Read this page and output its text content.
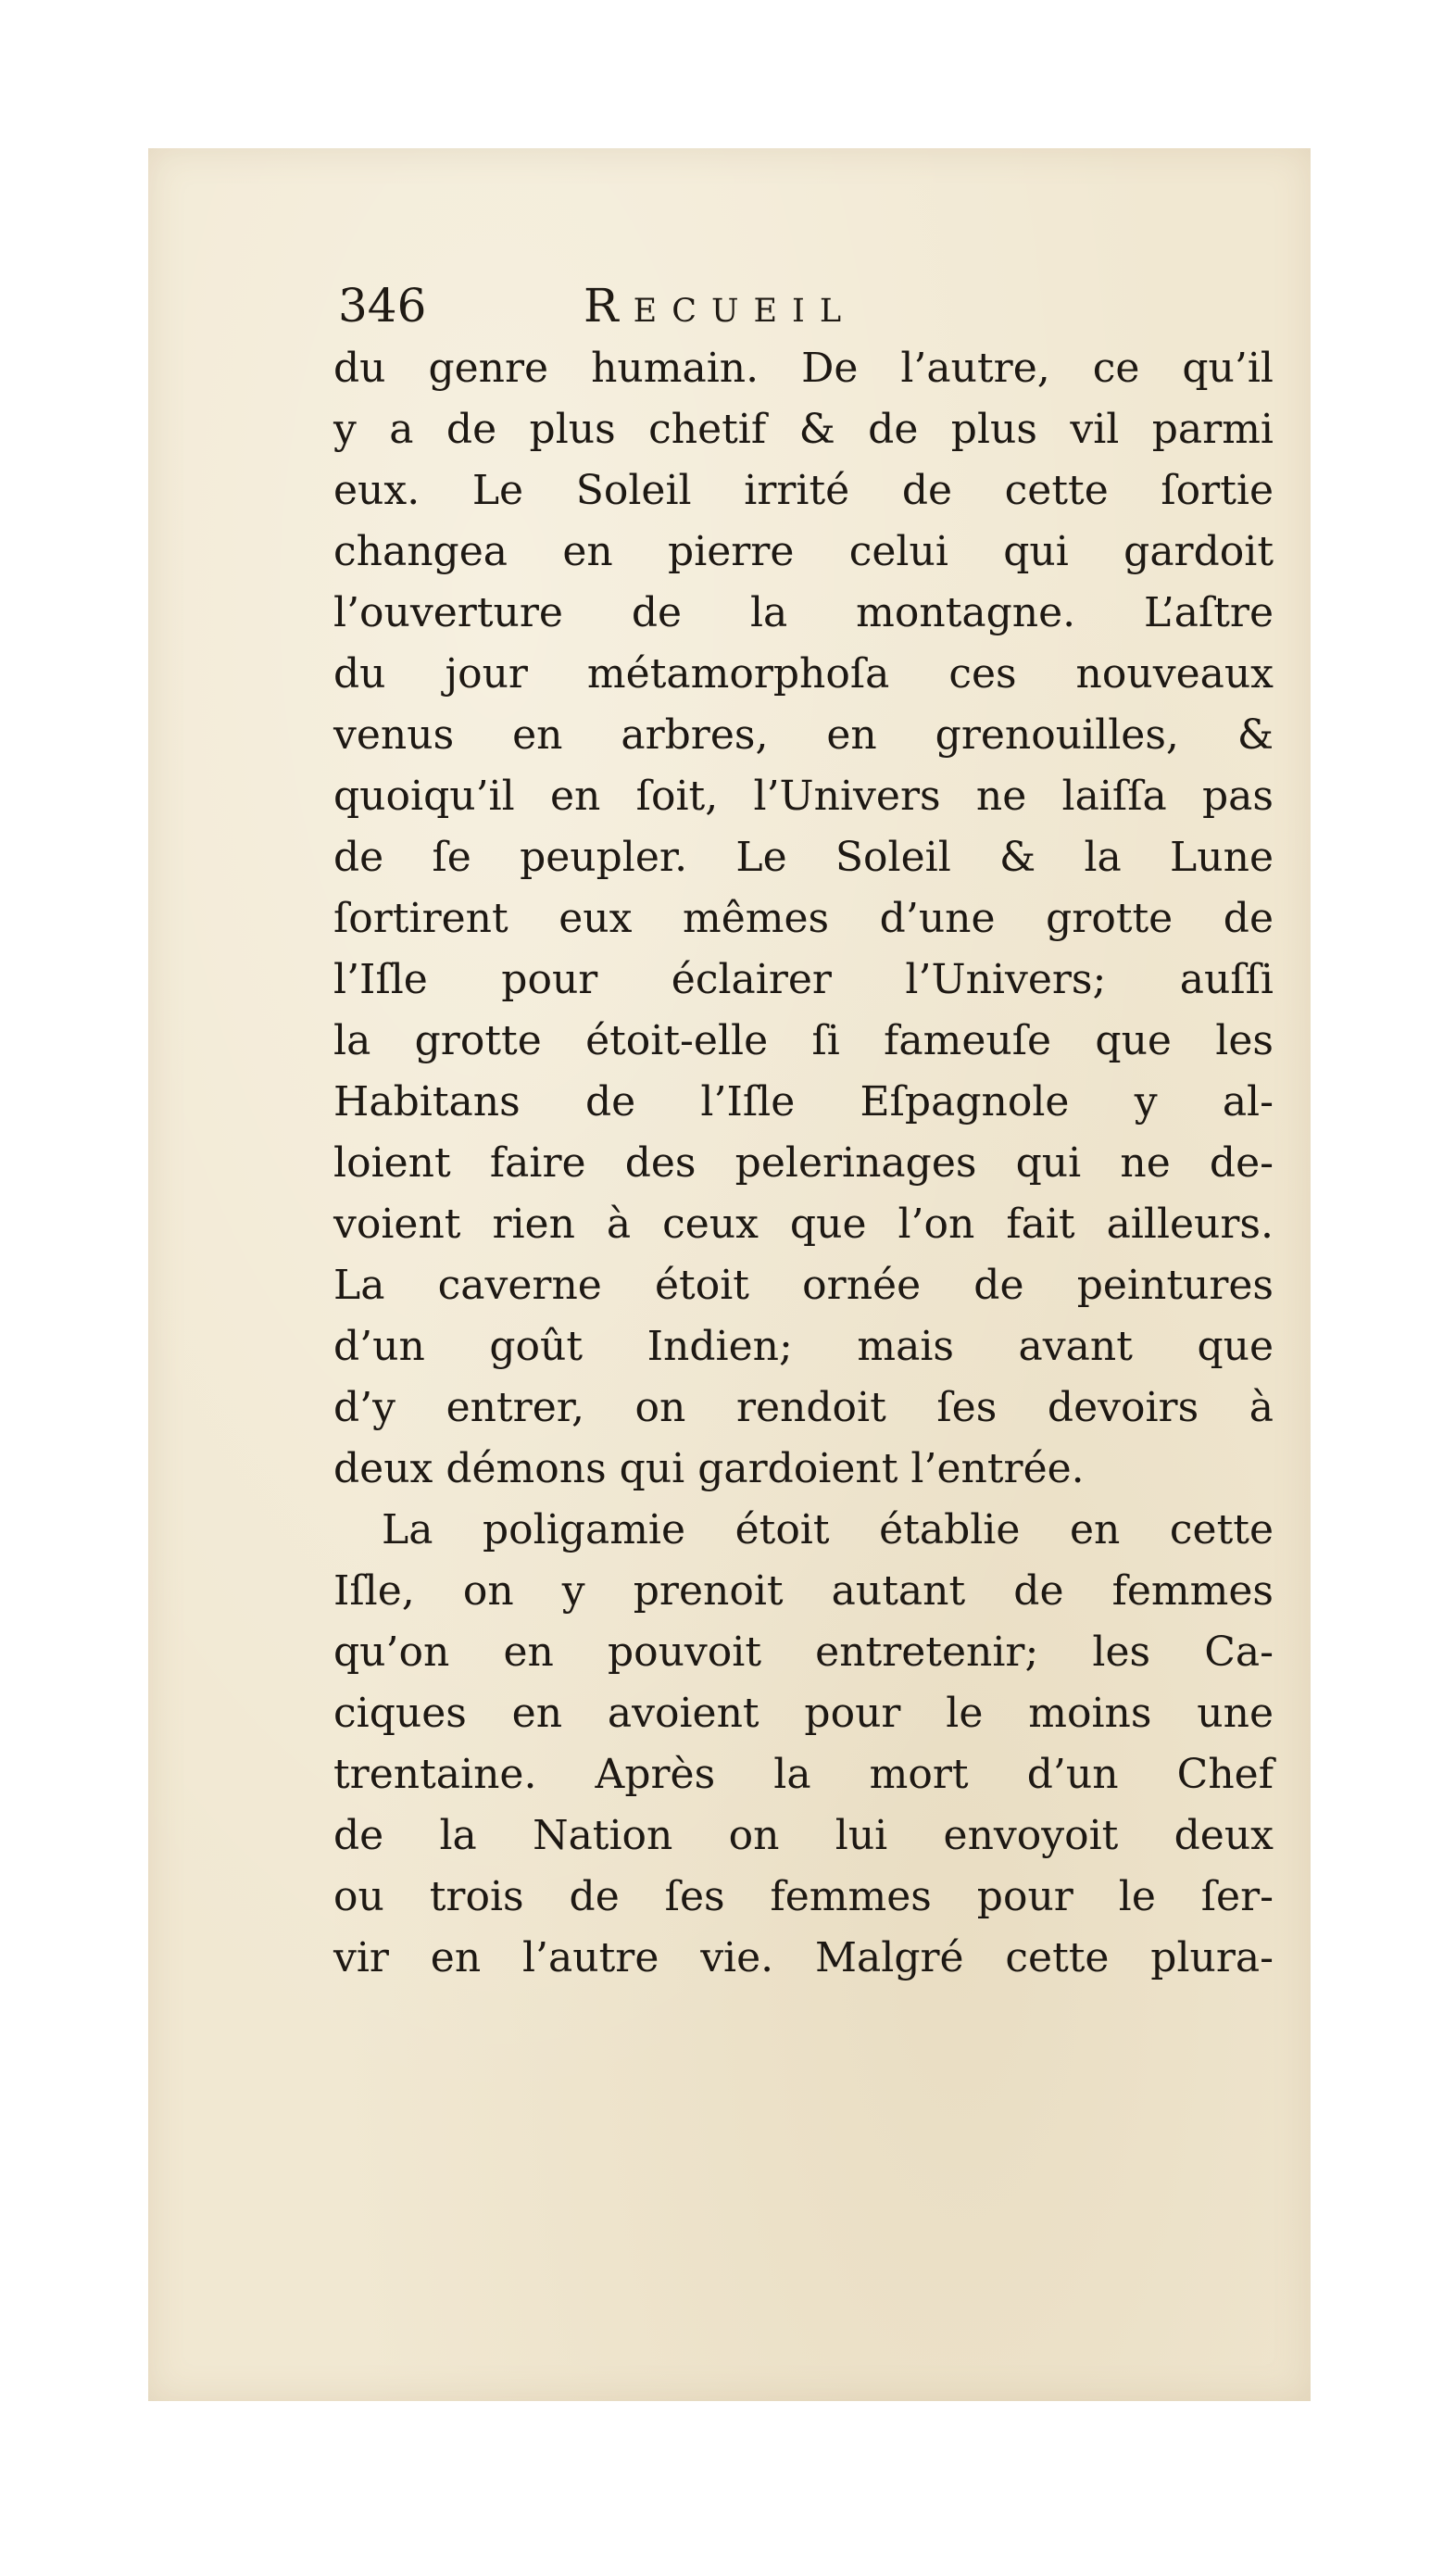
346	Recueil
du genre humain. De l’autre, ce qu’il
y a de plus chetif & de plus vil parmi
eux. Le Soleil irrité de cette ſortie
changea en pierre celui qui gardoit
l’ouverture de la montagne. L’aſtre
du jour métamorphoſa ces nouveaux
venus en arbres, en grenouilles, &
quoiqu’il en ſoit, l’Univers ne laiſſa pas
de ſe peupler. Le Soleil & la Lune
ſortirent eux mêmes d’une grotte de
l’Iſle pour éclairer l’Univers; auſſi
la grotte étoit-elle ſi fameuſe que les
Habitans de l’Iſle Eſpagnole y al-
loient faire des pelerinages qui ne de-
voient rien à ceux que l’on fait ailleurs.
La caverne étoit ornée de peintures
d’un goût Indien; mais avant que
d’y entrer, on rendoit ſes devoirs à
deux démons qui gardoient l’entrée.
La poligamie étoit établie en cette
Iſle, on y prenoit autant de femmes
qu’on en pouvoit entretenir; les Ca-
ciques en avoient pour le moins une
trentaine. Après la mort d’un Chef
de la Nation on lui envoyoit deux
ou trois de ſes femmes pour le ſer-
vir en l’autre vie. Malgré cette plura-
